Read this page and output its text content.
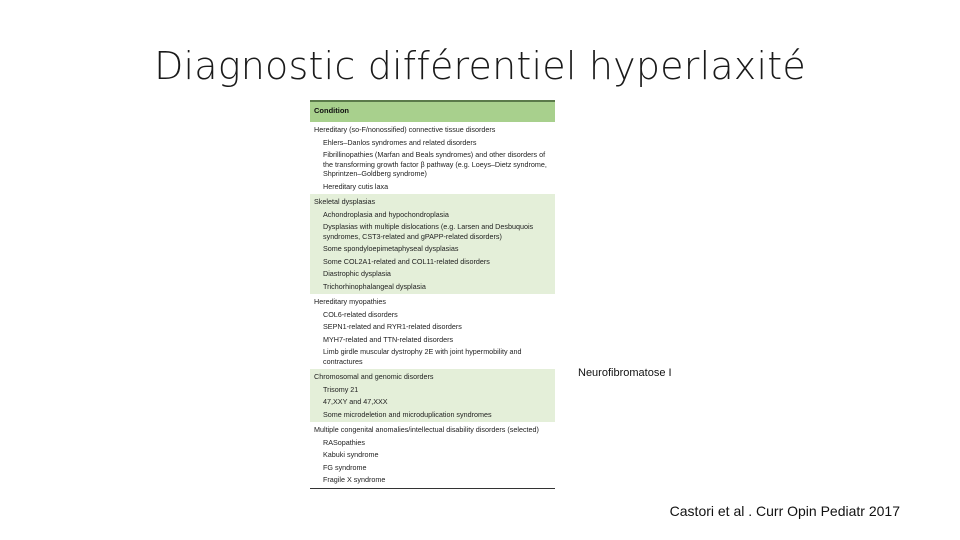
Diagnostic différentiel hyperlaxité
Condition
Hereditary (so-F/nonossified) connective tissue disorders
Ehlers–Danlos syndromes and related disorders
Fibrillinopathies (Marfan and Beals syndromes) and other disorders of the transforming growth factor β pathway (e.g. Loeys–Dietz syndrome, Shprintzen–Goldberg syndrome)
Hereditary cutis laxa
Skeletal dysplasias
Achondroplasia and hypochondroplasia
Dysplasias with multiple dislocations (e.g. Larsen and Desbuquois syndromes, CST3-related and gPAPP-related disorders)
Some spondyloepimetaphyseal dysplasias
Some COL2A1-related and COL11-related disorders
Diastrophic dysplasia
Trichorhinophalangeal dysplasia
Hereditary myopathies
COL6-related disorders
SEPN1-related and RYR1-related disorders
MYH7-related and TTN-related disorders
Limb girdle muscular dystrophy 2E with joint hypermobility and contractures
Chromosomal and genomic disorders
Trisomy 21
47,XXY and 47,XXX
Some microdeletion and microduplication syndromes
Multiple congenital anomalies/intellectual disability disorders (selected)
RASopathies
Kabuki syndrome
FG syndrome
Fragile X syndrome
Neurofibromatose I
Castori et al . Curr Opin Pediatr 2017
